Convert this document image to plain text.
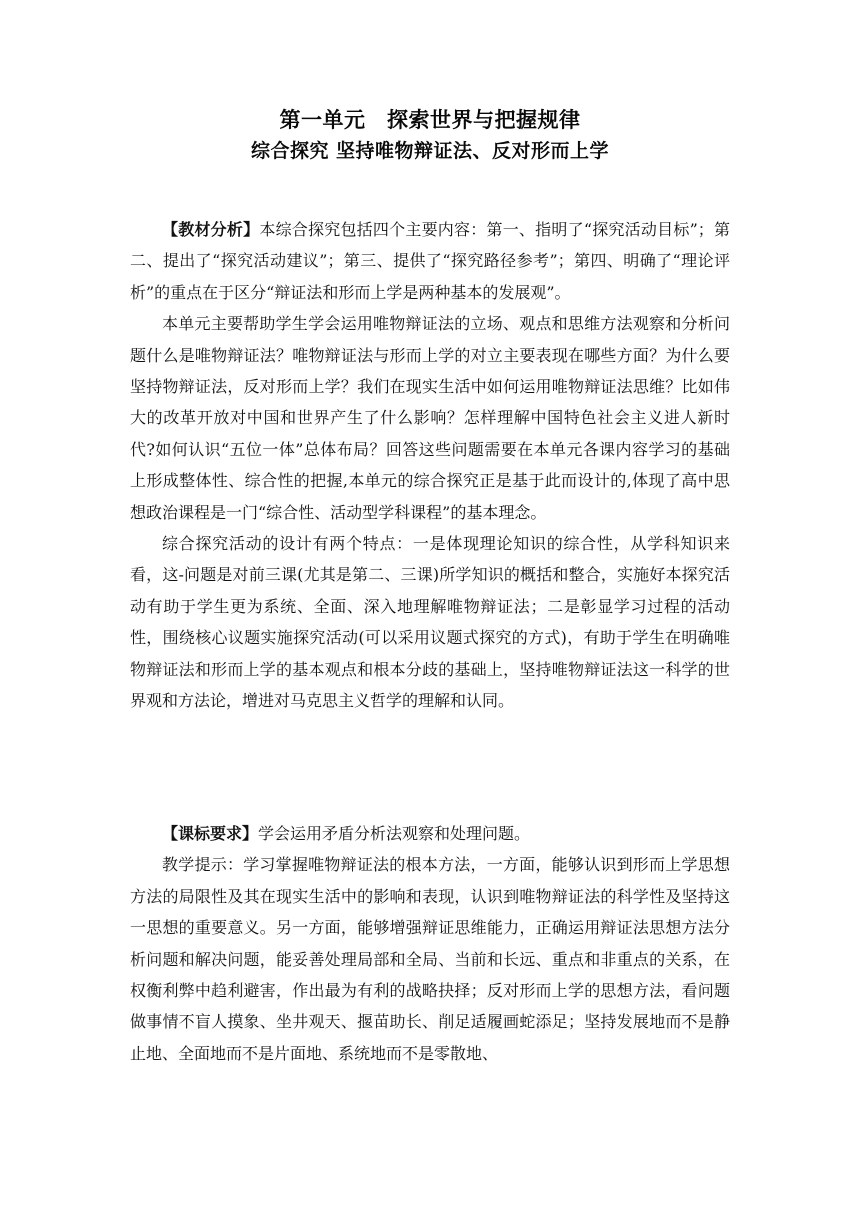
第一单元　探索世界与把握规律
综合探究 坚持唯物辩证法、反对形而上学

【教材分析】本综合探究包括四个主要内容：第一、指明了“探究活动目标”；第二、提出了“探究活动建议”；第三、提供了“探究路径参考”；第四、明确了“理论评析”的重点在于区分“辩证法和形而上学是两种基本的发展观”。

本单元主要帮助学生学会运用唯物辩证法的立场、观点和思维方法观察和分析问题什么是唯物辩证法？唯物辩证法与形而上学的对立主要表现在哪些方面？为什么要坚持物辩证法，反对形而上学？我们在现实生活中如何运用唯物辩证法思维？比如伟大的改革开放对中国和世界产生了什么影响？怎样理解中国特色社会主义进人新时代?如何认识“五位一体”总体布局？回答这些问题需要在本单元各课内容学习的基础上形成整体性、综合性的把握,本单元的综合探究正是基于此而设计的,体现了高中思想政治课程是一门“综合性、活动型学科课程”的基本理念。

综合探究活动的设计有两个特点：一是体现理论知识的综合性，从学科知识来看，这-问题是对前三课(尤其是第二、三课)所学知识的概括和整合，实施好本探究活动有助于学生更为系统、全面、深入地理解唯物辩证法；二是彰显学习过程的活动性，围绕核心议题实施探究活动(可以采用议题式探究的方式)，有助于学生在明确唯物辩证法和形而上学的基本观点和根本分歧的基础上，坚持唯物辩证法这一科学的世界观和方法论，增进对马克思主义哲学的理解和认同。

【课标要求】学会运用矛盾分析法观察和处理问题。

教学提示：学习掌握唯物辩证法的根本方法，一方面，能够认识到形而上学思想方法的局限性及其在现实生活中的影响和表现，认识到唯物辩证法的科学性及坚持这一思想的重要意义。另一方面，能够增强辩证思维能力，正确运用辩证法思想方法分析问题和解决问题，能妥善处理局部和全局、当前和长远、重点和非重点的关系，在权衡利弊中趋利避害，作出最为有利的战略抉择；反对形而上学的思想方法，看问题做事情不盲人摸象、坐井观天、揠苗助长、削足适履画蛇添足；坚持发展地而不是静止地、全面地而不是片面地、系统地而不是零散地、
